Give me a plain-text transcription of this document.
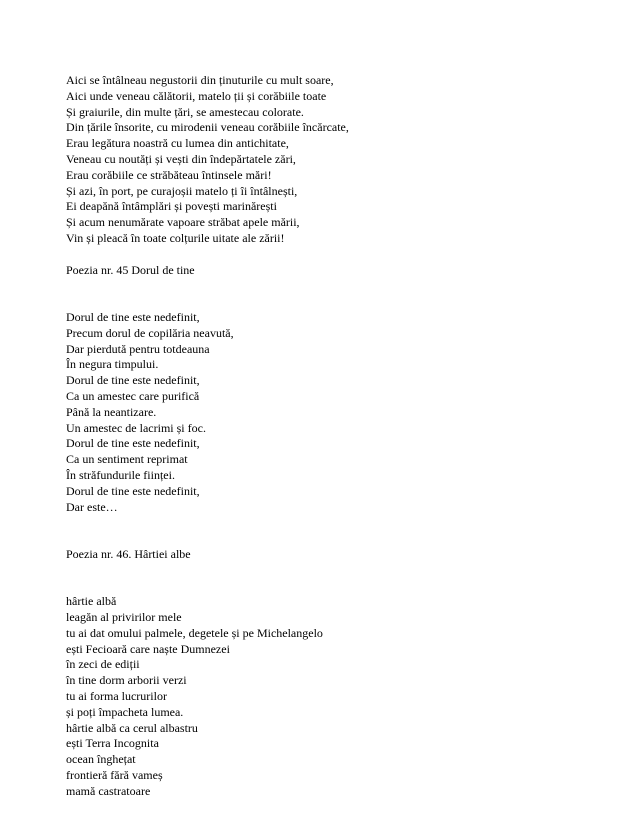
Aici se întâlneau negustorii din ținuturile cu mult soare,
Aici unde veneau călătorii, matelo ții și corăbiile toate
Și graiurile, din multe țări, se amestecau colorate.
Din țările însorite, cu mirodenii veneau corăbiile încărcate,
Erau legătura noastră cu lumea din antichitate,
Veneau cu noutăți și vești din îndepărtatele zări,
Erau corăbiile ce străbăteau întinsele mări!
Și azi, în port, pe curajoșii matelo ți îi întâlnești,
Ei deapănă întâmplări și povești marinărești
Și acum nenumărate vapoare străbat apele mării,
Vin și pleacă în toate colțurile uitate ale zării!
Poezia nr. 45 Dorul de tine
Dorul de tine este nedefinit,
Precum dorul de copilăria neavută,
Dar pierdută pentru totdeauna
În negura timpului.
Dorul de tine este nedefinit,
Ca un amestec care purifică
Până la neantizare.
Un amestec de lacrimi și foc.
Dorul de tine este nedefinit,
Ca un sentiment reprimat
În străfundurile ființei.
Dorul de tine este nedefinit,
Dar este…
Poezia nr. 46. Hârtiei albe
hârtie albă
leagăn al privirilor mele
tu ai dat omului palmele, degetele și pe Michelangelo
ești Fecioară care naște Dumnezei
în zeci de ediții
în tine dorm arborii verzi
tu ai forma lucrurilor
și poți împacheta lumea.
hârtie albă ca cerul albastru
ești Terra Incognita
ocean înghețat
frontieră fără vameș
mamă castratoare
